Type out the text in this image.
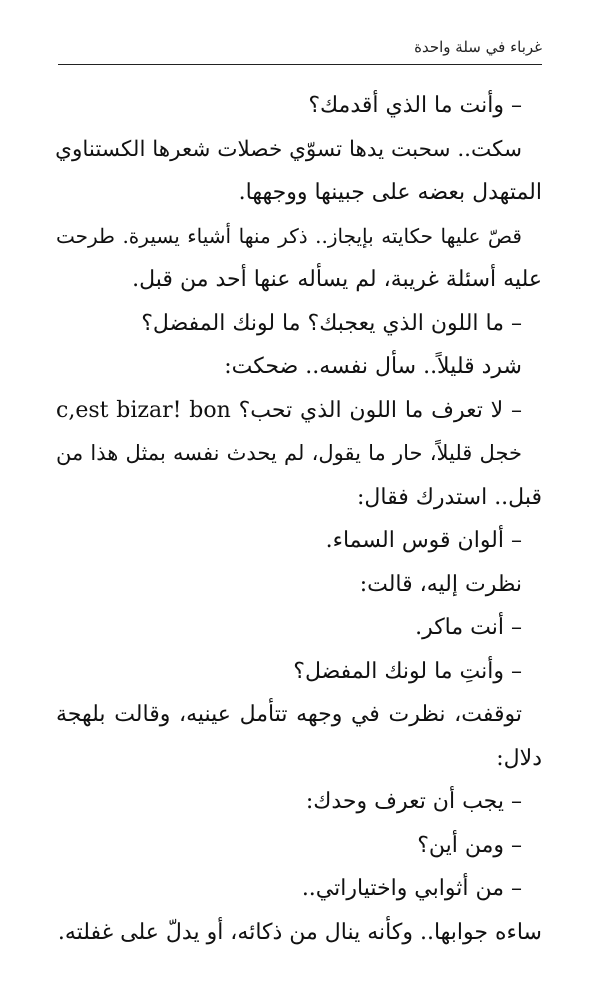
غرباء في سلة واحدة
– وأنت ما الذي أقدمك؟
سكت.. سحبت يدها تسوّي خصلات شعرها الكستناوي
المتهدل بعضه على جبينها ووجهها.
قصّ عليها حكايته بإيجاز.. ذكر منها أشياء يسيرة. طرحت
عليه أسئلة غريبة، لم يسأله عنها أحد من قبل.
– ما اللون الذي يعجبك؟ ما لونك المفضل؟
شرد قليلاً.. سأل نفسه.. ضحكت:
– لا تعرف ما اللون الذي تحب؟ c,est bizar! bon
خجل قليلاً، حار ما يقول، لم يحدث نفسه بمثل هذا من
قبل.. استدرك فقال:
– ألوان قوس السماء.
نظرت إليه، قالت:
– أنت ماكر.
– وأنتِ ما لونك المفضل؟
توقفت، نظرت في وجهه تتأمل عينيه، وقالت بلهجة
دلال:
– يجب أن تعرف وحدك:
– ومن أين؟
– من أثوابي واختياراتي..
ساءه جوابها.. وكأنه ينال من ذكائه، أو يدلّ على غفلته.
